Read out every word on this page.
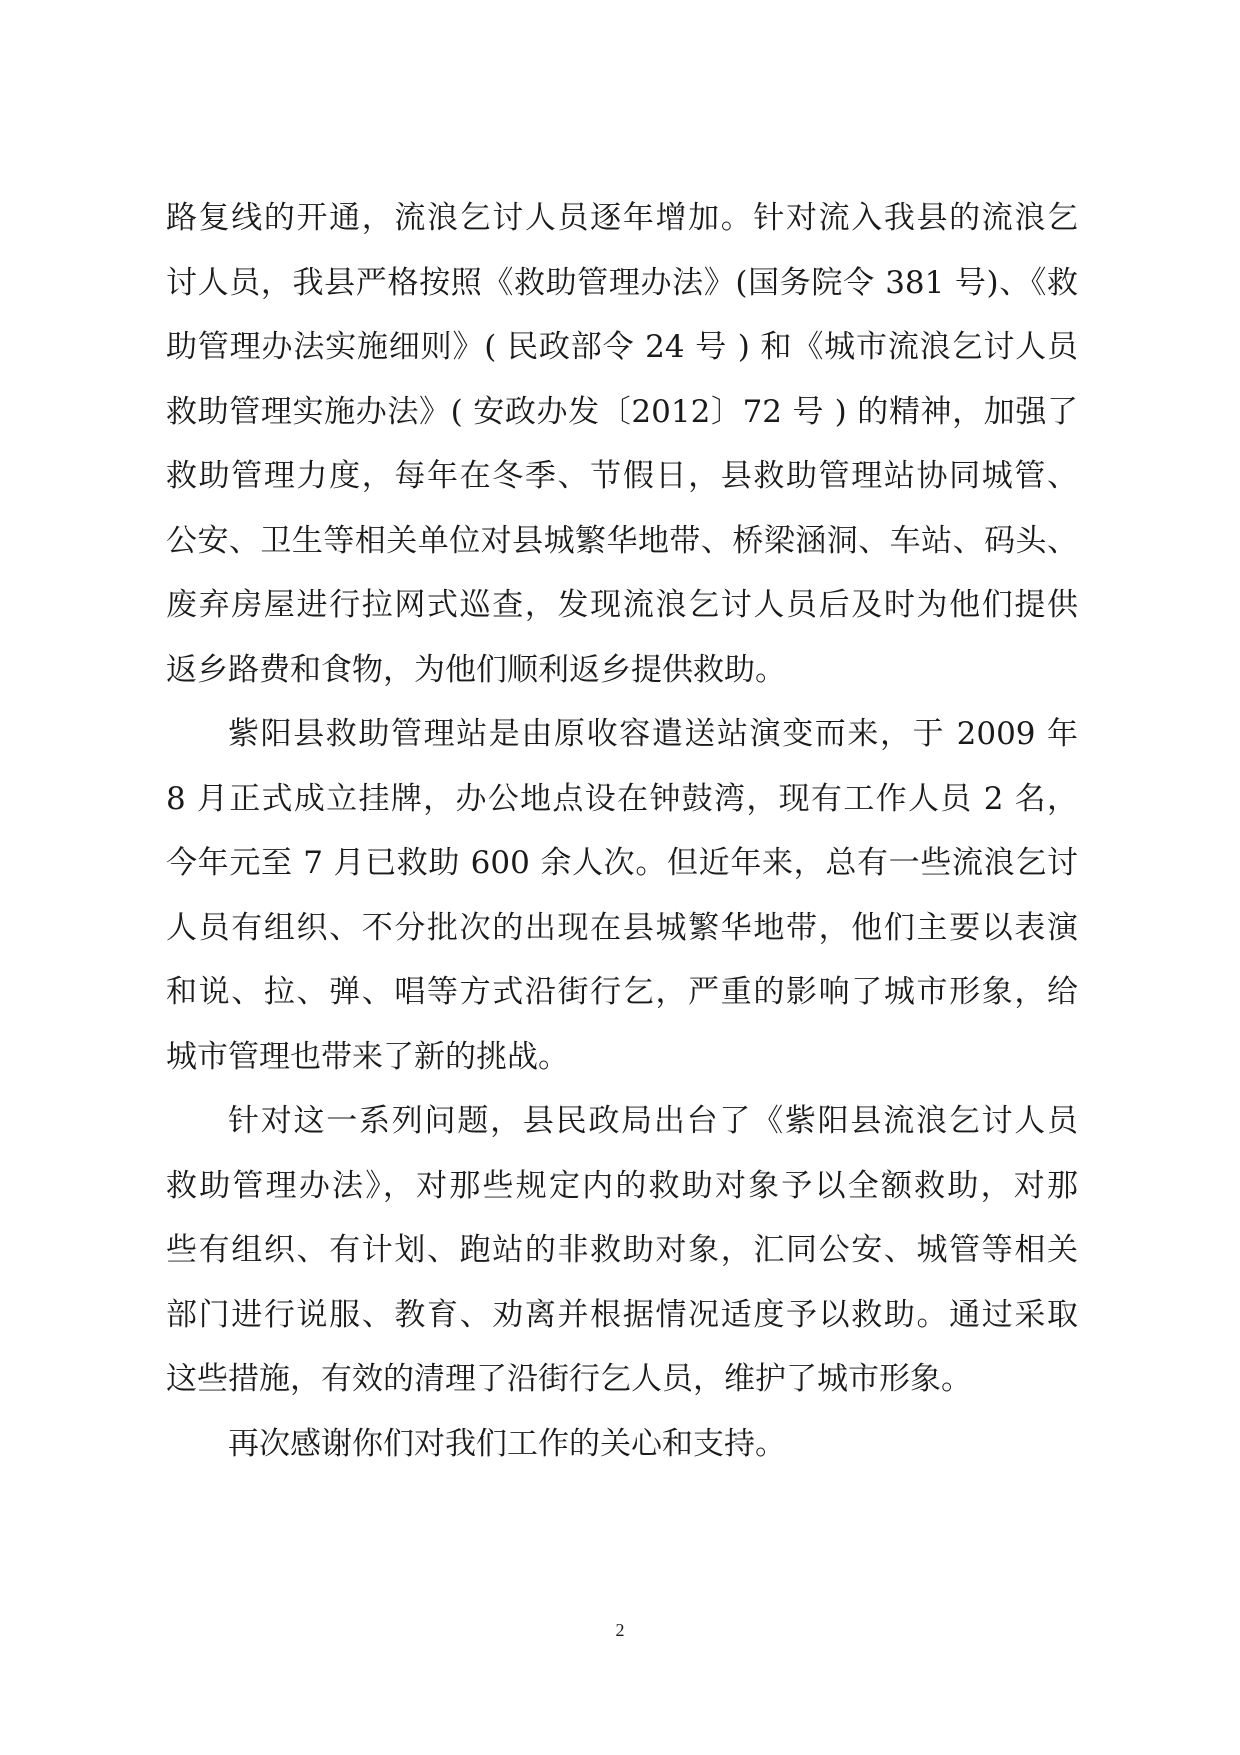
路复线的开通，流浪乞讨人员逐年增加。针对流入我县的流浪乞
讨人员，我县严格按照《救助管理办法》(国务院令 381 号)、《救
助管理办法实施细则》( 民政部令 24 号 ) 和《城市流浪乞讨人员
救助管理实施办法》( 安政办发〔2012〕72 号 ) 的精神，加强了
救助管理力度，每年在冬季、节假日，县救助管理站协同城管、
公安、卫生等相关单位对县城繁华地带、桥梁涵洞、车站、码头、
废弃房屋进行拉网式巡查，发现流浪乞讨人员后及时为他们提供
返乡路费和食物，为他们顺利返乡提供救助。
紫阳县救助管理站是由原收容遣送站演变而来，于 2009 年
8 月正式成立挂牌，办公地点设在钟鼓湾，现有工作人员 2 名，
今年元至 7 月已救助 600 余人次。但近年来，总有一些流浪乞讨
人员有组织、不分批次的出现在县城繁华地带，他们主要以表演
和说、拉、弹、唱等方式沿街行乞，严重的影响了城市形象，给
城市管理也带来了新的挑战。
针对这一系列问题，县民政局出台了《紫阳县流浪乞讨人员
救助管理办法》，对那些规定内的救助对象予以全额救助，对那
些有组织、有计划、跑站的非救助对象，汇同公安、城管等相关
部门进行说服、教育、劝离并根据情况适度予以救助。通过采取
这些措施，有效的清理了沿街行乞人员，维护了城市形象。
再次感谢你们对我们工作的关心和支持。
2
